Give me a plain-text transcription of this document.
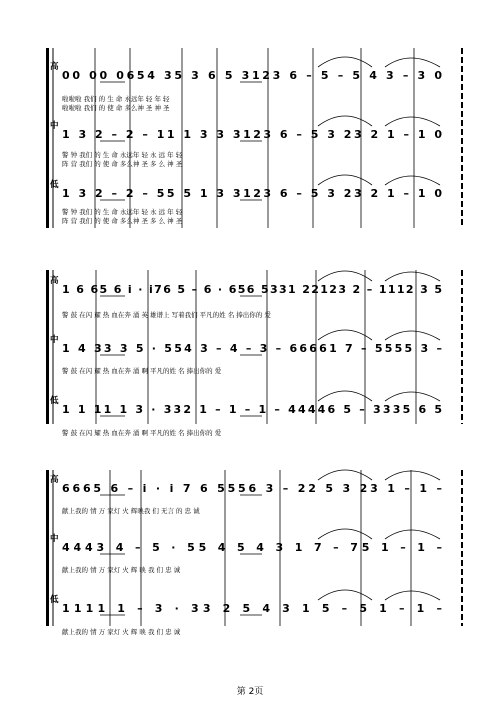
高
00 00 0654 35 3 6 5 3123 6 – 5 – 5 4 3 – 3 0
啦啦啦 我们 的 生 命 永远年 轻 年 轻
啦啦啦 我们 的 使 命 多么神 圣 神 圣
中
1 3 2 – 2 – 11 1 3 3 3123 6 – 5 3 23 2 1 – 1 0
警 钟 我们 的 生 命 永远年 轻 永 远 年 轻
阵 营 我们 的 使 命 多么神 圣 多 么 神 圣
低
1 3 2 – 2 – 55 5 1 3 3123 6 – 5 3 23 2 1 – 1 0
警 钟 我们 的 生 命 永远年 轻 永 远 年 轻
阵 营 我们 的 使 命 多么神 圣 多 么 神 圣
高
1 6 65 6 i · i76 5 – 6 · 656 5331 22123 2 – 1112 3 5
警 鼓 在闪 耀 热 血在奔 涌 英 雄谱上 写着我们 平凡的姓 名 捧出你的 爱
中
1 4 33 3 5 · 554 3 – 4 – 3 – 66661 7 – 5555 3 –
警 鼓 在闪 耀 热 血在奔 涌 啊 平凡的姓 名 捧出你的 爱
低
1 1 11 1 3 · 332 1 – 1 – 1 – 44446 5 – 3335 6 5
警 鼓 在闪 耀 热 血在奔 涌 啊 平凡的姓 名 捧出你的 爱
高
6665 6 – i · i 7 6 5556 3 – 22 5 3 23 1 – 1 –
献上我的 情 万 家灯 火 辉映我 们 无言 的 忠 诚
中
4443 4 – 5 · 55 4 5 4 3 1 7 – 75 1 – 1 –
献上我的 情 万 家灯 火 辉 映 我 们 忠 诚
低
1111 1 – 3 · 33 2 5 4 3 1 5 – 5 1 – 1 –
献上我的 情 万 家灯 火 辉 映 我 们 忠 诚
第 2页
